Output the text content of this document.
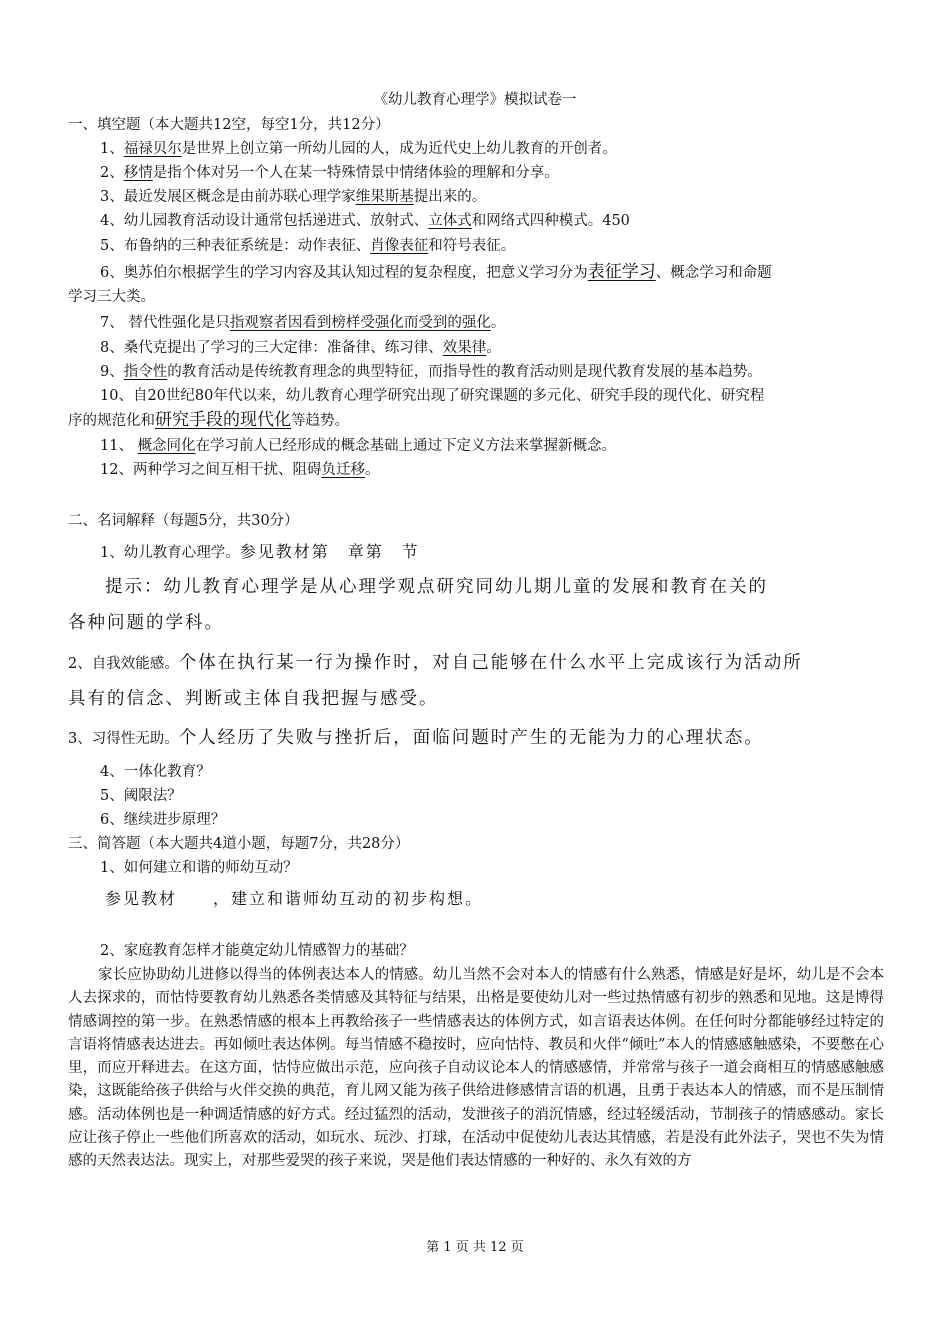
《幼儿教育心理学》模拟试卷一
一、填空题（本大题共12空，每空1分，共12分）
1、福禄贝尔是世界上创立第一所幼儿园的人，成为近代史上幼儿教育的开创者。
2、移情是指个体对另一个人在某一特殊情景中情绪体验的理解和分享。
3、最近发展区概念是由前苏联心理学家维果斯基提出来的。
4、幼儿园教育活动设计通常包括递进式、放射式、立体式和网络式四种模式。450
5、布鲁纳的三种表征系统是：动作表征、肖像表征和符号表征。
6、奥苏伯尔根据学生的学习内容及其认知过程的复杂程度，把意义学习分为表征学习、概念学习和命题
学习三大类。
7、 替代性强化是只指观察者因看到榜样受强化而受到的强化。
8、桑代克提出了学习的三大定律：准备律、练习律、效果律。
9、指令性的教育活动是传统教育理念的典型特征，而指导性的教育活动则是现代教育发展的基本趋势。
10、自20世纪80年代以来，幼儿教育心理学研究出现了研究课题的多元化、研究手段的现代化、研究程
序的规范化和研究手段的现代化等趋势。
11、 概念同化在学习前人已经形成的概念基础上通过下定义方法来掌握新概念。
12、两种学习之间互相干扰、阻碍负迁移。
二、名词解释（每题5分，共30分）
1、幼儿教育心理学。参见教材第　章第　节
提示：幼儿教育心理学是从心理学观点研究同幼儿期儿童的发展和教育在关的
各种问题的学科。
2、自我效能感。个体在执行某一行为操作时，对自己能够在什么水平上完成该行为活动所
具有的信念、判断或主体自我把握与感受。
3、习得性无助。个人经历了失败与挫折后，面临问题时产生的无能为力的心理状态。
4、一体化教育？
5、阈限法？
6、继续进步原理？
三、简答题（本大题共4道小题，每题7分，共28分）
1、如何建立和谐的师幼互动？
参见教材　　，建立和谐师幼互动的初步构想。
2、家庭教育怎样才能奠定幼儿情感智力的基础？
家长应协助幼儿进修以得当的体例表达本人的情感。幼儿当然不会对本人的情感有什么熟悉，情感是好是坏，幼儿是不会本人去探求的，而怙恃要教育幼儿熟悉各类情感及其特征与结果，出格是要使幼儿对一些过热情感有初步的熟悉和见地。这是博得情感调控的第一步。在熟悉情感的根本上再教给孩子一些情感表达的体例方式，如言语表达体例。在任何时分都能够经过特定的言语将情感表达进去。再如倾吐表达体例。每当情感不稳按时，应向怙恃、教员和火伴“倾吐”本人的情感感触感染，不要憋在心里，而应开释进去。在这方面，怙恃应做出示范，应向孩子自动议论本人的情感感情，并常常与孩子一道会商相互的情感感触感染，这既能给孩子供给与火伴交换的典范，育儿网又能为孩子供给进修感情言语的机遇，且勇于表达本人的情感，而不是压制情感。活动体例也是一种调适情感的好方式。经过猛烈的活动，发泄孩子的消沉情感，经过轻缓活动，节制孩子的情感感动。家长应让孩子停止一些他们所喜欢的活动，如玩水、玩沙、打球，在活动中促使幼儿表达其情感，若是没有此外法子，哭也不失为情感的天然表达法。现实上，对那些爱哭的孩子来说，哭是他们表达情感的一种好的、永久有效的方
第 1 页 共 12 页
